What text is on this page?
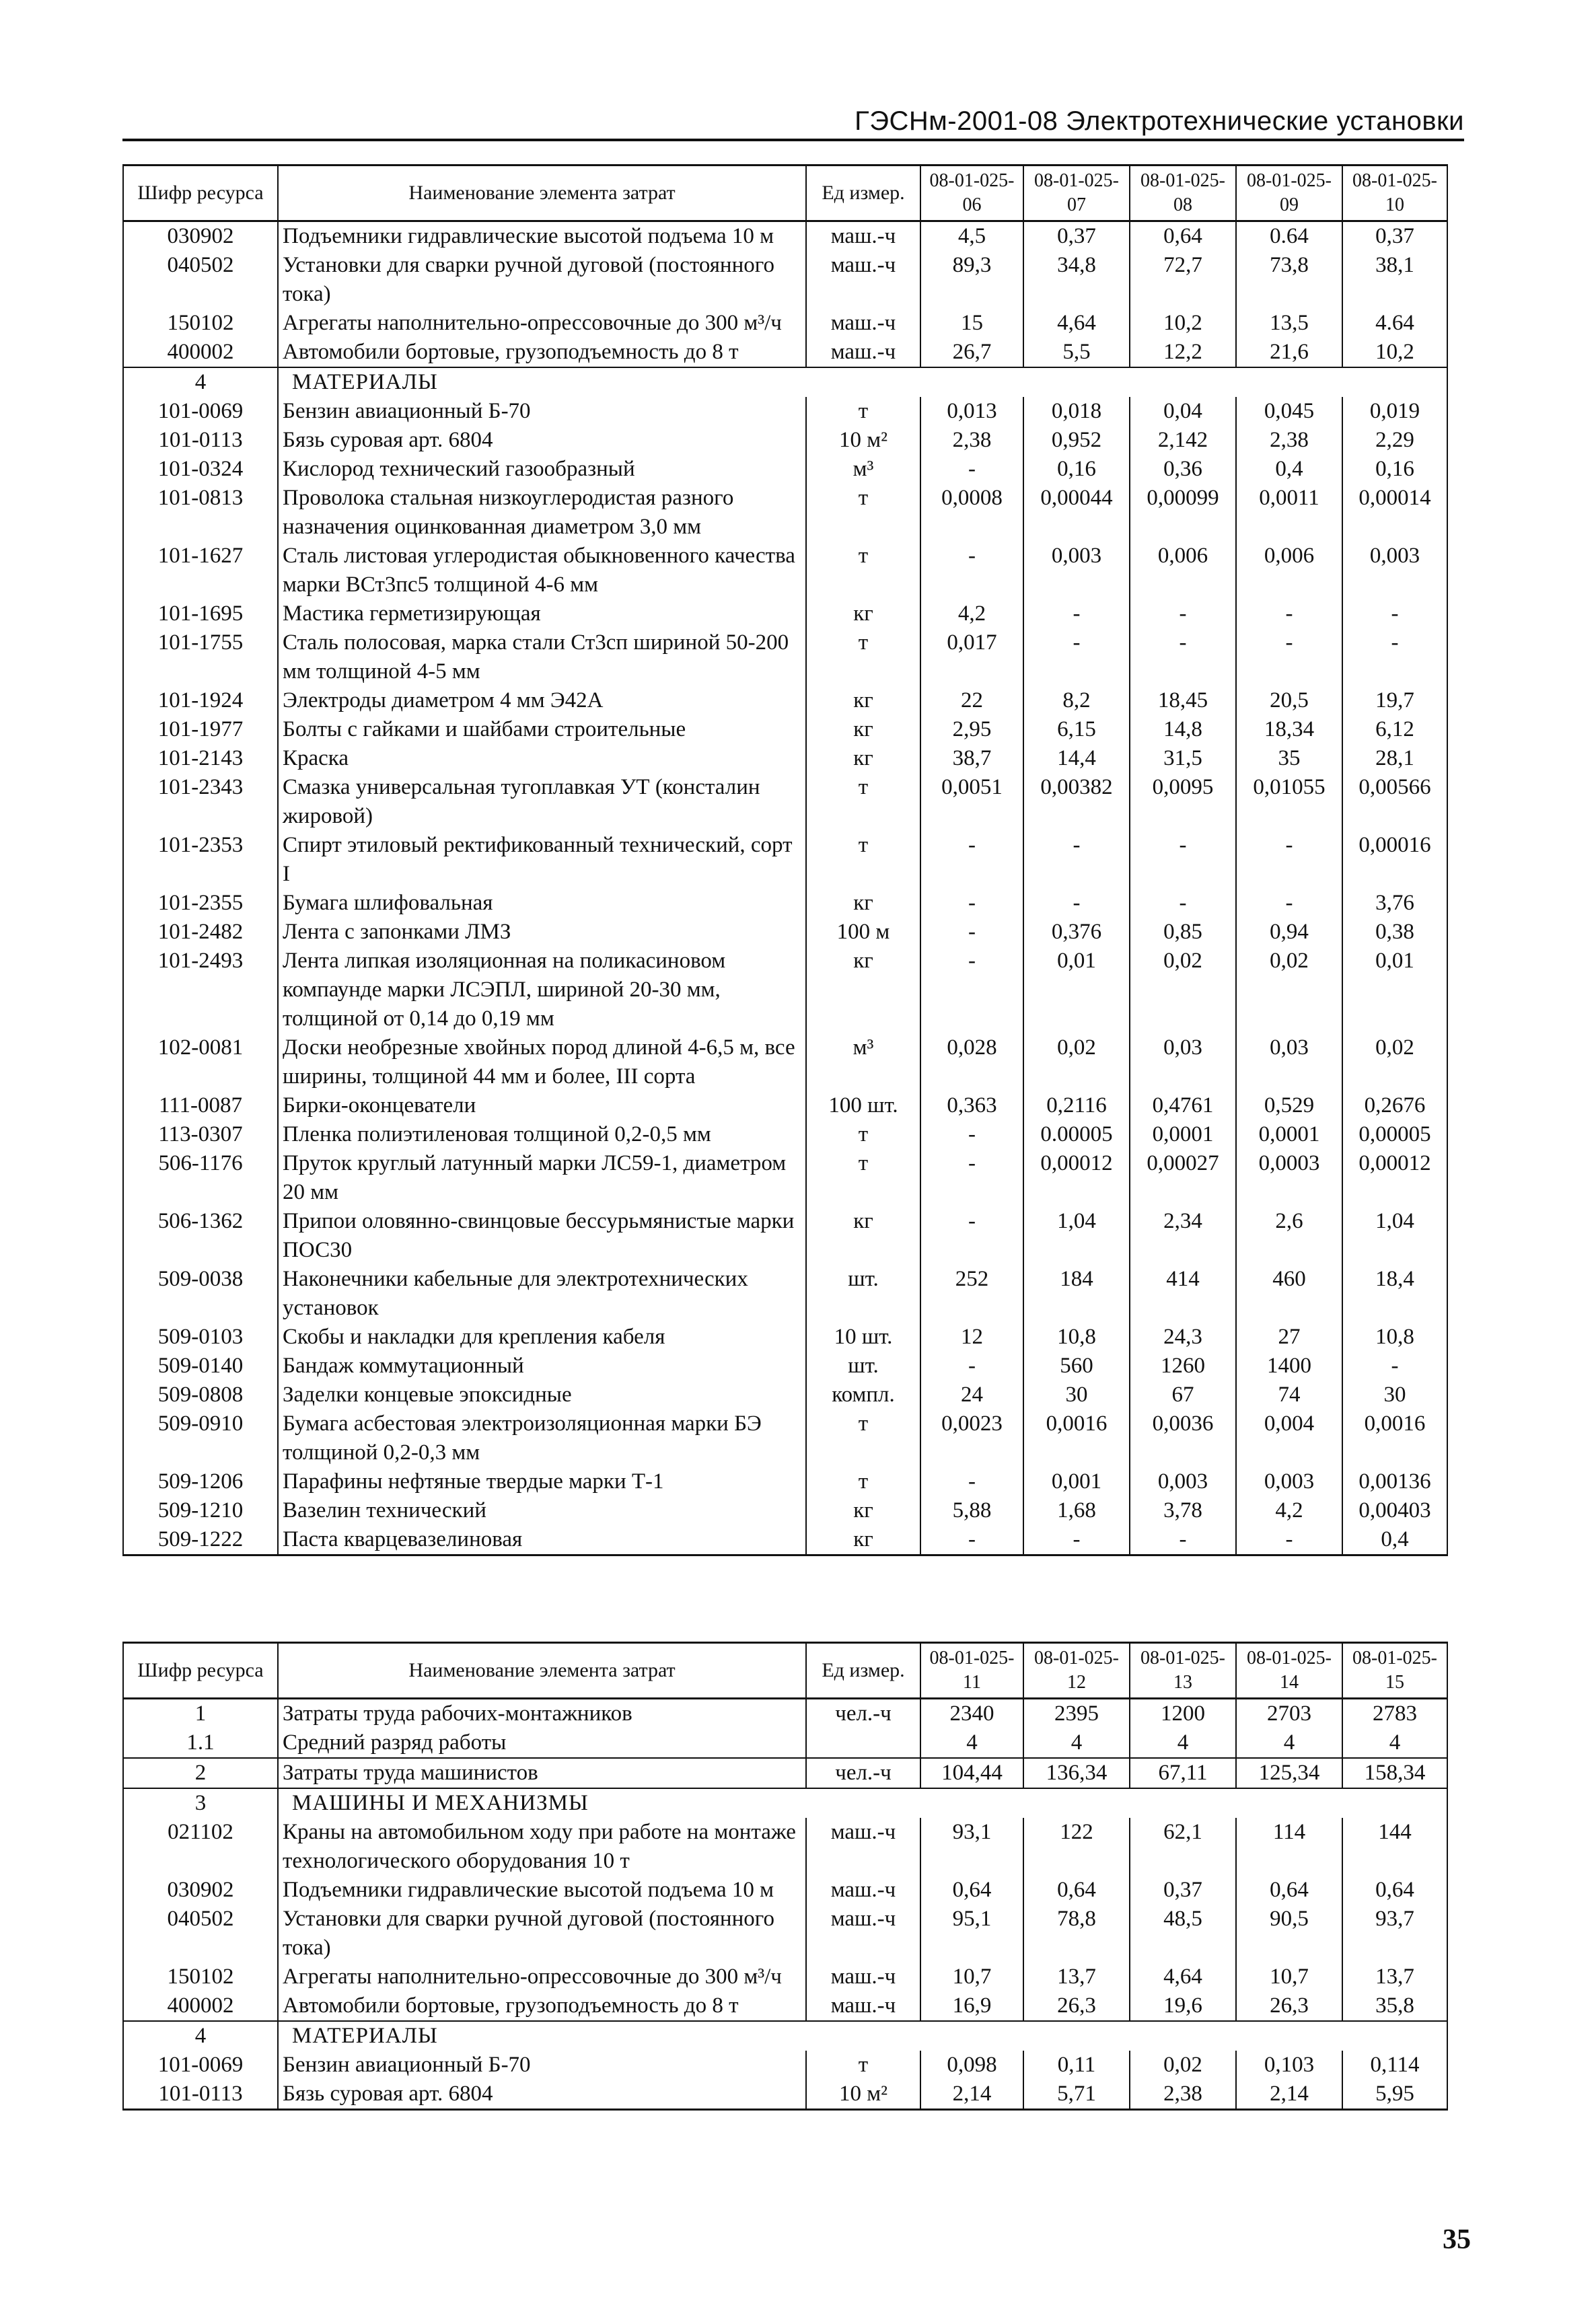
ГЭСНм-2001-08 Электротехнические установки
Шифр ресурса	Наименование элемента затрат	Ед измер.	08-01-025-06	08-01-025-07	08-01-025-08	08-01-025-09	08-01-025-10
030902	Подъемники гидравлические высотой подъема 10 м	маш.-ч	4,5	0,37	0,64	0.64	0,37
040502	Установки для сварки ручной дуговой (постоянного тока)	маш.-ч	89,3	34,8	72,7	73,8	38,1
150102	Агрегаты наполнительно-опрессовочные до 300 м³/ч	маш.-ч	15	4,64	10,2	13,5	4.64
400002	Автомобили бортовые, грузоподъемность до 8 т	маш.-ч	26,7	5,5	12,2	21,6	10,2
4	МАТЕРИАЛЫ						
101-0069	Бензин авиационный Б-70	т	0,013	0,018	0,04	0,045	0,019
101-0113	Бязь суровая арт. 6804	10 м²	2,38	0,952	2,142	2,38	2,29
101-0324	Кислород технический газообразный	м³	-	0,16	0,36	0,4	0,16
101-0813	Проволока стальная низкоуглеродистая разного назначения оцинкованная диаметром 3,0 мм	т	0,0008	0,00044	0,00099	0,0011	0,00014
101-1627	Сталь листовая углеродистая обыкновенного качества марки ВСт3пс5 толщиной 4-6 мм	т	-	0,003	0,006	0,006	0,003
101-1695	Мастика герметизирующая	кг	4,2	-	-	-	-
101-1755	Сталь полосовая, марка стали Ст3сп шириной 50-200 мм толщиной 4-5 мм	т	0,017	-	-	-	-
101-1924	Электроды диаметром 4 мм Э42А	кг	22	8,2	18,45	20,5	19,7
101-1977	Болты с гайками и шайбами строительные	кг	2,95	6,15	14,8	18,34	6,12
101-2143	Краска	кг	38,7	14,4	31,5	35	28,1
101-2343	Смазка универсальная тугоплавкая УТ (консталин жировой)	т	0,0051	0,00382	0,0095	0,01055	0,00566
101-2353	Спирт этиловый ректификованный технический, сорт I	т	-	-	-	-	0,00016
101-2355	Бумага шлифовальная	кг	-	-	-	-	3,76
101-2482	Лента с запонками ЛМЗ	100 м	-	0,376	0,85	0,94	0,38
101-2493	Лента липкая изоляционная на поликасиновом компаунде марки ЛСЭПЛ, шириной 20-30 мм, толщиной от 0,14 до 0,19 мм	кг	-	0,01	0,02	0,02	0,01
102-0081	Доски необрезные хвойных пород длиной 4-6,5 м, все ширины, толщиной 44 мм и более, III сорта	м³	0,028	0,02	0,03	0,03	0,02
111-0087	Бирки-оконцеватели	100 шт.	0,363	0,2116	0,4761	0,529	0,2676
113-0307	Пленка полиэтиленовая толщиной 0,2-0,5 мм	т	-	0.00005	0,0001	0,0001	0,00005
506-1176	Пруток круглый латунный марки ЛС59-1, диаметром 20 мм	т	-	0,00012	0,00027	0,0003	0,00012
506-1362	Припои оловянно-свинцовые бессурьмянистые марки ПОС30	кг	-	1,04	2,34	2,6	1,04
509-0038	Наконечники кабельные для электротехнических установок	шт.	252	184	414	460	18,4
509-0103	Скобы и накладки для крепления кабеля	10 шт.	12	10,8	24,3	27	10,8
509-0140	Бандаж коммутационный	шт.	-	560	1260	1400	-
509-0808	Заделки концевые эпоксидные	компл.	24	30	67	74	30
509-0910	Бумага асбестовая электроизоляционная марки БЭ толщиной 0,2-0,3 мм	т	0,0023	0,0016	0,0036	0,004	0,0016
509-1206	Парафины нефтяные твердые марки Т-1	т	-	0,001	0,003	0,003	0,00136
509-1210	Вазелин технический	кг	5,88	1,68	3,78	4,2	0,00403
509-1222	Паста кварцевазелиновая	кг	-	-	-	-	0,4
Шифр ресурса	Наименование элемента затрат	Ед измер.	08-01-025-11	08-01-025-12	08-01-025-13	08-01-025-14	08-01-025-15
1	Затраты труда рабочих-монтажников	чел.-ч	2340	2395	1200	2703	2783
1.1	Средний разряд работы		4	4	4	4	4
2	Затраты труда машинистов	чел.-ч	104,44	136,34	67,11	125,34	158,34
3	МАШИНЫ И МЕХАНИЗМЫ						
021102	Краны на автомобильном ходу при работе на монтаже технологического оборудования 10 т	маш.-ч	93,1	122	62,1	114	144
030902	Подъемники гидравлические высотой подъема 10 м	маш.-ч	0,64	0,64	0,37	0,64	0,64
040502	Установки для сварки ручной дуговой (постоянного тока)	маш.-ч	95,1	78,8	48,5	90,5	93,7
150102	Агрегаты наполнительно-опрессовочные до 300 м³/ч	маш.-ч	10,7	13,7	4,64	10,7	13,7
400002	Автомобили бортовые, грузоподъемность до 8 т	маш.-ч	16,9	26,3	19,6	26,3	35,8
4	МАТЕРИАЛЫ						
101-0069	Бензин авиационный Б-70	т	0,098	0,11	0,02	0,103	0,114
101-0113	Бязь суровая арт. 6804	10 м²	2,14	5,71	2,38	2,14	5,95
35
